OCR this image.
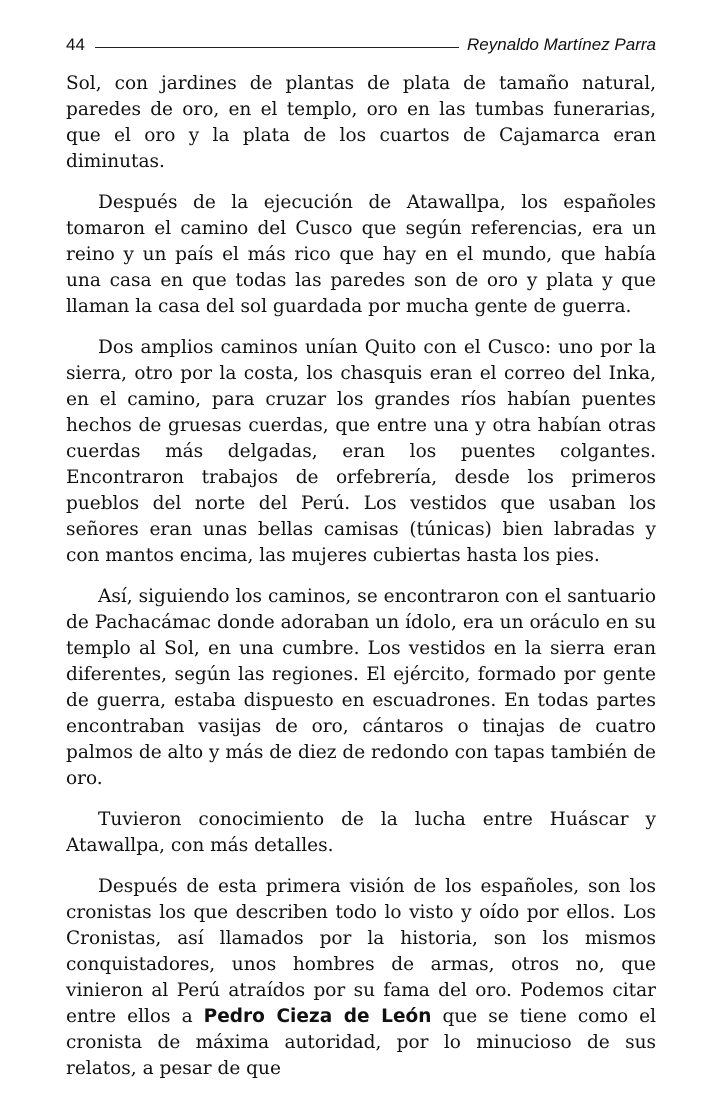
44	Reynaldo Martínez Parra

Sol, con jardines de plantas de plata de tamaño natural, paredes de oro, en el templo, oro en las tumbas funerarias, que el oro y la plata de los cuartos de Cajamarca eran diminutas.

Después de la ejecución de Atawallpa, los españoles tomaron el camino del Cusco que según referencias, era un reino y un país el más rico que hay en el mundo, que había una casa en que todas las paredes son de oro y plata y que llaman la casa del sol guardada por mucha gente de guerra.

Dos amplios caminos unían Quito con el Cusco: uno por la sierra, otro por la costa, los chasquis eran el correo del Inka, en el camino, para cruzar los grandes ríos habían puentes hechos de gruesas cuerdas, que entre una y otra habían otras cuerdas más delgadas, eran los puentes colgantes. Encontraron trabajos de orfebrería, desde los primeros pueblos del norte del Perú. Los vestidos que usaban los señores eran unas bellas camisas (túnicas) bien labradas y con mantos encima, las mujeres cubiertas hasta los pies.

Así, siguiendo los caminos, se encontraron con el santuario de Pachacámac donde adoraban un ídolo, era un oráculo en su templo al Sol, en una cumbre. Los vestidos en la sierra eran diferentes, según las regiones. El ejército, formado por gente de guerra, estaba dispuesto en escuadrones. En todas partes encontraban vasijas de oro, cántaros o tinajas de cuatro palmos de alto y más de diez de redondo con tapas también de oro.

Tuvieron conocimiento de la lucha entre Huáscar y Atawallpa, con más detalles.

Después de esta primera visión de los españoles, son los cronistas los que describen todo lo visto y oído por ellos. Los Cronistas, así llamados por la historia, son los mismos conquistadores, unos hombres de armas, otros no, que vinieron al Perú atraídos por su fama del oro. Podemos citar entre ellos a Pedro Cieza de León que se tiene como el cronista de máxima autoridad, por lo minucioso de sus relatos, a pesar de que
